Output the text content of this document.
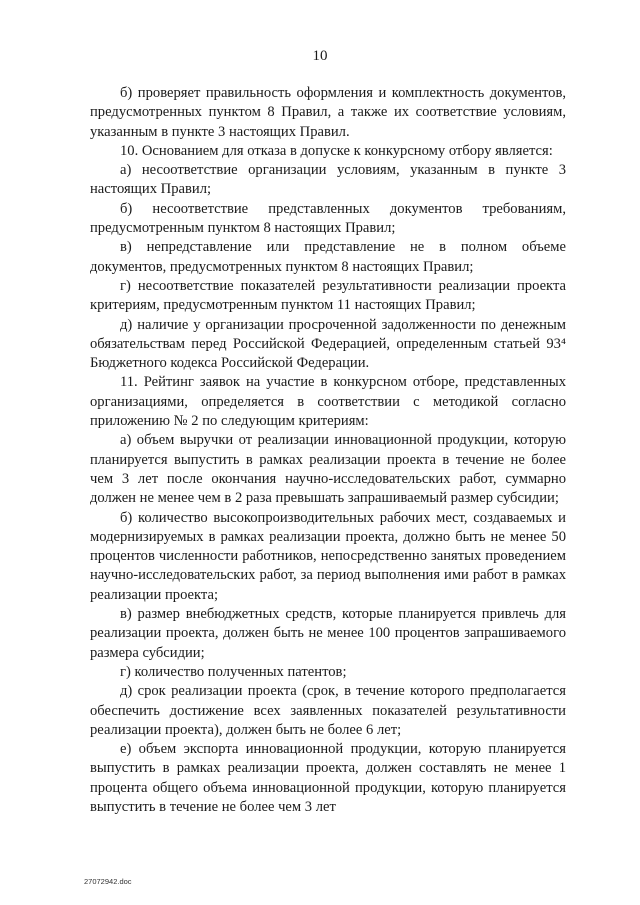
10

б) проверяет правильность оформления и комплектность документов, предусмотренных пунктом 8 Правил, а также их соответствие условиям, указанным в пункте 3 настоящих Правил.

10. Основанием для отказа в допуске к конкурсному отбору является:

а) несоответствие организации условиям, указанным в пункте 3 настоящих Правил;

б) несоответствие представленных документов требованиям, предусмотренным пунктом 8 настоящих Правил;

в) непредставление или представление не в полном объеме документов, предусмотренных пунктом 8 настоящих Правил;

г) несоответствие показателей результативности реализации проекта критериям, предусмотренным пунктом 11 настоящих Правил;

д) наличие у организации просроченной задолженности по денежным обязательствам перед Российской Федерацией, определенным статьей 93⁴ Бюджетного кодекса Российской Федерации.

11. Рейтинг заявок на участие в конкурсном отборе, представленных организациями, определяется в соответствии с методикой согласно приложению № 2 по следующим критериям:

а) объем выручки от реализации инновационной продукции, которую планируется выпустить в рамках реализации проекта в течение не более чем 3 лет после окончания научно-исследовательских работ, суммарно должен не менее чем в 2 раза превышать запрашиваемый размер субсидии;

б) количество высокопроизводительных рабочих мест, создаваемых и модернизируемых в рамках реализации проекта, должно быть не менее 50 процентов численности работников, непосредственно занятых проведением научно-исследовательских работ, за период выполнения ими работ в рамках реализации проекта;

в) размер внебюджетных средств, которые планируется привлечь для реализации проекта, должен быть не менее 100 процентов запрашиваемого размера субсидии;

г) количество полученных патентов;

д) срок реализации проекта (срок, в течение которого предполагается обеспечить достижение всех заявленных показателей результативности реализации проекта), должен быть не более 6 лет;

е) объем экспорта инновационной продукции, которую планируется выпустить в рамках реализации проекта, должен составлять не менее 1 процента общего объема инновационной продукции, которую планируется выпустить в течение не более чем 3 лет

27072942.doc
